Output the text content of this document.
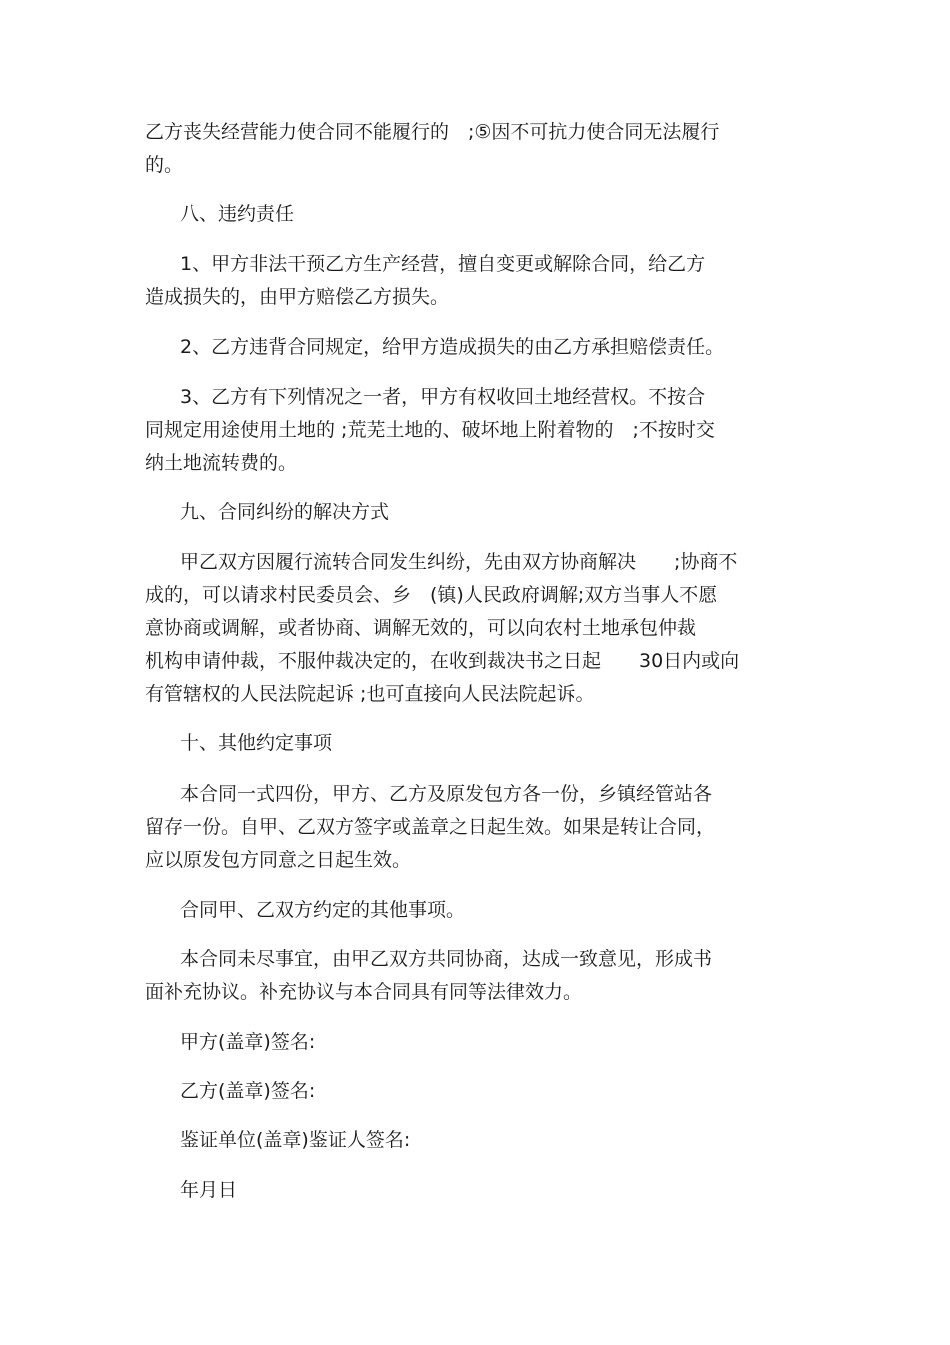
乙方丧失经营能力使合同不能履行的　;⑤因不可抗力使合同无法履行
的。
八、违约责任
1、甲方非法干预乙方生产经营，擅自变更或解除合同，给乙方
造成损失的，由甲方赔偿乙方损失。
2、乙方违背合同规定，给甲方造成损失的由乙方承担赔偿责任。
3、乙方有下列情况之一者，甲方有权收回土地经营权。不按合
同规定用途使用土地的 ;荒芜土地的、破坏地上附着物的　;不按时交
纳土地流转费的。
九、合同纠纷的解决方式
甲乙双方因履行流转合同发生纠纷，先由双方协商解决　　;协商不
成的，可以请求村民委员会、乡　(镇)人民政府调解;双方当事人不愿
意协商或调解，或者协商、调解无效的，可以向农村土地承包仲裁
机构申请仲裁，不服仲裁决定的，在收到裁决书之日起　　30日内或向
有管辖权的人民法院起诉 ;也可直接向人民法院起诉。
十、其他约定事项
本合同一式四份，甲方、乙方及原发包方各一份，乡镇经管站各
留存一份。自甲、乙双方签字或盖章之日起生效。如果是转让合同，
应以原发包方同意之日起生效。
合同甲、乙双方约定的其他事项。
本合同未尽事宜，由甲乙双方共同协商，达成一致意见，形成书
面补充协议。补充协议与本合同具有同等法律效力。
甲方(盖章)签名:
乙方(盖章)签名:
鉴证单位(盖章)鉴证人签名:
年月日
